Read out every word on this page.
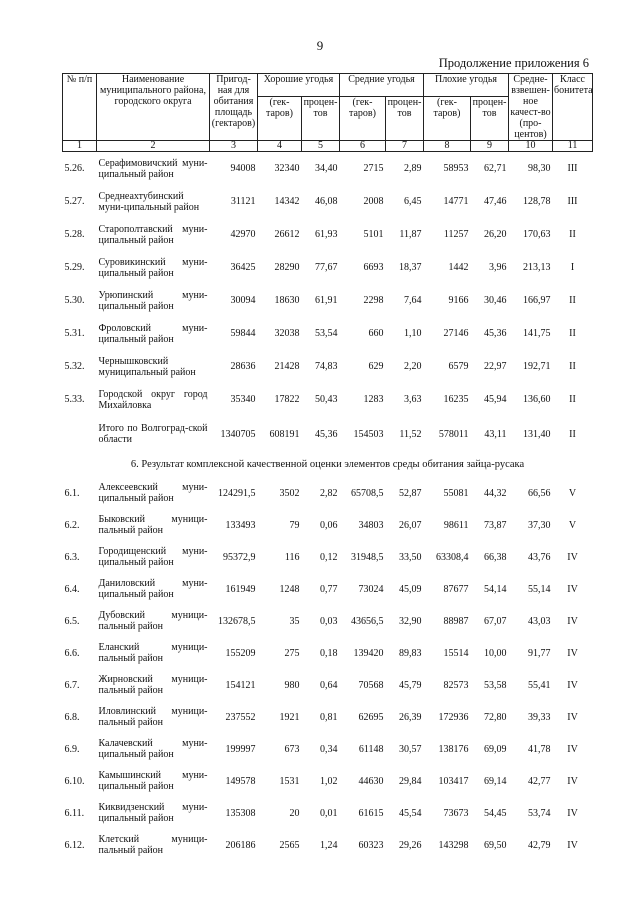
9
Продолжение приложения 6
№ п/п	Наименование муниципального района, городского округа	Пригод-ная для обитания площадь (гектаров)	Хорошие угодья		Средние угодья		Плохие угодья		Средне-взвешен-ное качест-во (про-центов)	Класс бонитета
			(гек-таров)	процен-тов	(гек-таров)	процен-тов	(гек-таров)	процен-тов		
1	2	3	4	5	6	7	8	9	10	11
5.26.	Серафимовичский муни-ципальный район	94008	32340	34,40	2715	2,89	58953	62,71	98,30	III
5.27.	Среднеахтубинский муни-ципальный район	31121	14342	46,08	2008	6,45	14771	47,46	128,78	III
5.28.	Старополтавский муни-ципальный район	42970	26612	61,93	5101	11,87	11257	26,20	170,63	II
5.29.	Суровикинский муни-ципальный район	36425	28290	77,67	6693	18,37	1442	3,96	213,13	I
5.30.	Урюпинский муни-ципальный район	30094	18630	61,91	2298	7,64	9166	30,46	166,97	II
5.31.	Фроловский муни-ципальный район	59844	32038	53,54	660	1,10	27146	45,36	141,75	II
5.32.	Чернышковский муниципальный район	28636	21428	74,83	629	2,20	6579	22,97	192,71	II
5.33.	Городской округ город Михайловка	35340	17822	50,43	1283	3,63	16235	45,94	136,60	II
	Итого по Волгоград-ской области	1340705	608191	45,36	154503	11,52	578011	43,11	131,40	II
6. Результат комплексной качественной оценки элементов среды обитания зайца-русака										
6.1.	Алексеевский муни-ципальный район	124291,5	3502	2,82	65708,5	52,87	55081	44,32	66,56	V
6.2.	Быковский муници-пальный район	133493	79	0,06	34803	26,07	98611	73,87	37,30	V
6.3.	Городищенский муни-ципальный район	95372,9	116	0,12	31948,5	33,50	63308,4	66,38	43,76	IV
6.4.	Даниловский муни-ципальный район	161949	1248	0,77	73024	45,09	87677	54,14	55,14	IV
6.5.	Дубовский муници-пальный район	132678,5	35	0,03	43656,5	32,90	88987	67,07	43,03	IV
6.6.	Еланский муници-пальный район	155209	275	0,18	139420	89,83	15514	10,00	91,77	IV
6.7.	Жирновский муници-пальный район	154121	980	0,64	70568	45,79	82573	53,58	55,41	IV
6.8.	Иловлинский муници-пальный район	237552	1921	0,81	62695	26,39	172936	72,80	39,33	IV
6.9.	Калачевский муни-ципальный район	199997	673	0,34	61148	30,57	138176	69,09	41,78	IV
6.10.	Камышинский муни-ципальный район	149578	1531	1,02	44630	29,84	103417	69,14	42,77	IV
6.11.	Киквидзенский муни-ципальный район	135308	20	0,01	61615	45,54	73673	54,45	53,74	IV
6.12.	Клетский муници-пальный район	206186	2565	1,24	60323	29,26	143298	69,50	42,79	IV
